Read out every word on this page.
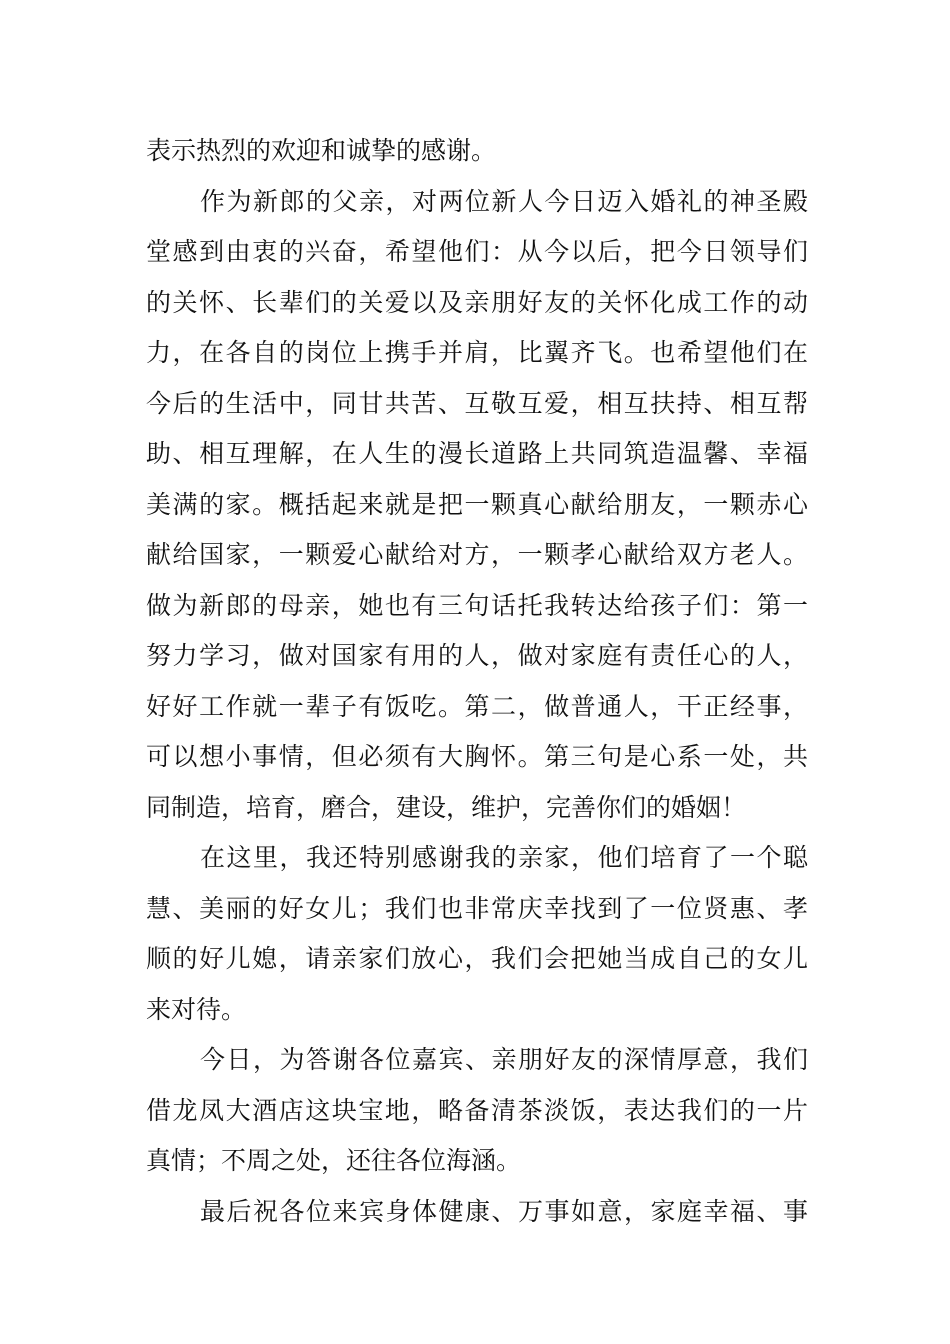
表示热烈的欢迎和诚挚的感谢。
作为新郎的父亲，对两位新人今日迈入婚礼的神圣殿
堂感到由衷的兴奋，希望他们：从今以后，把今日领导们
的关怀、长辈们的关爱以及亲朋好友的关怀化成工作的动
力，在各自的岗位上携手并肩，比翼齐飞。也希望他们在
今后的生活中，同甘共苦、互敬互爱，相互扶持、相互帮
助、相互理解，在人生的漫长道路上共同筑造温馨、幸福
美满的家。概括起来就是把一颗真心献给朋友，一颗赤心
献给国家，一颗爱心献给对方，一颗孝心献给双方老人。
做为新郎的母亲，她也有三句话托我转达给孩子们：第一
努力学习，做对国家有用的人，做对家庭有责任心的人，
好好工作就一辈子有饭吃。第二，做普通人，干正经事，
可以想小事情，但必须有大胸怀。第三句是心系一处，共
同制造，培育，磨合，建设，维护，完善你们的婚姻！
在这里，我还特别感谢我的亲家，他们培育了一个聪
慧、美丽的好女儿；我们也非常庆幸找到了一位贤惠、孝
顺的好儿媳，请亲家们放心，我们会把她当成自己的女儿
来对待。
今日，为答谢各位嘉宾、亲朋好友的深情厚意，我们
借龙凤大酒店这块宝地，略备清茶淡饭，表达我们的一片
真情；不周之处，还往各位海涵。
最后祝各位来宾身体健康、万事如意，家庭幸福、事
